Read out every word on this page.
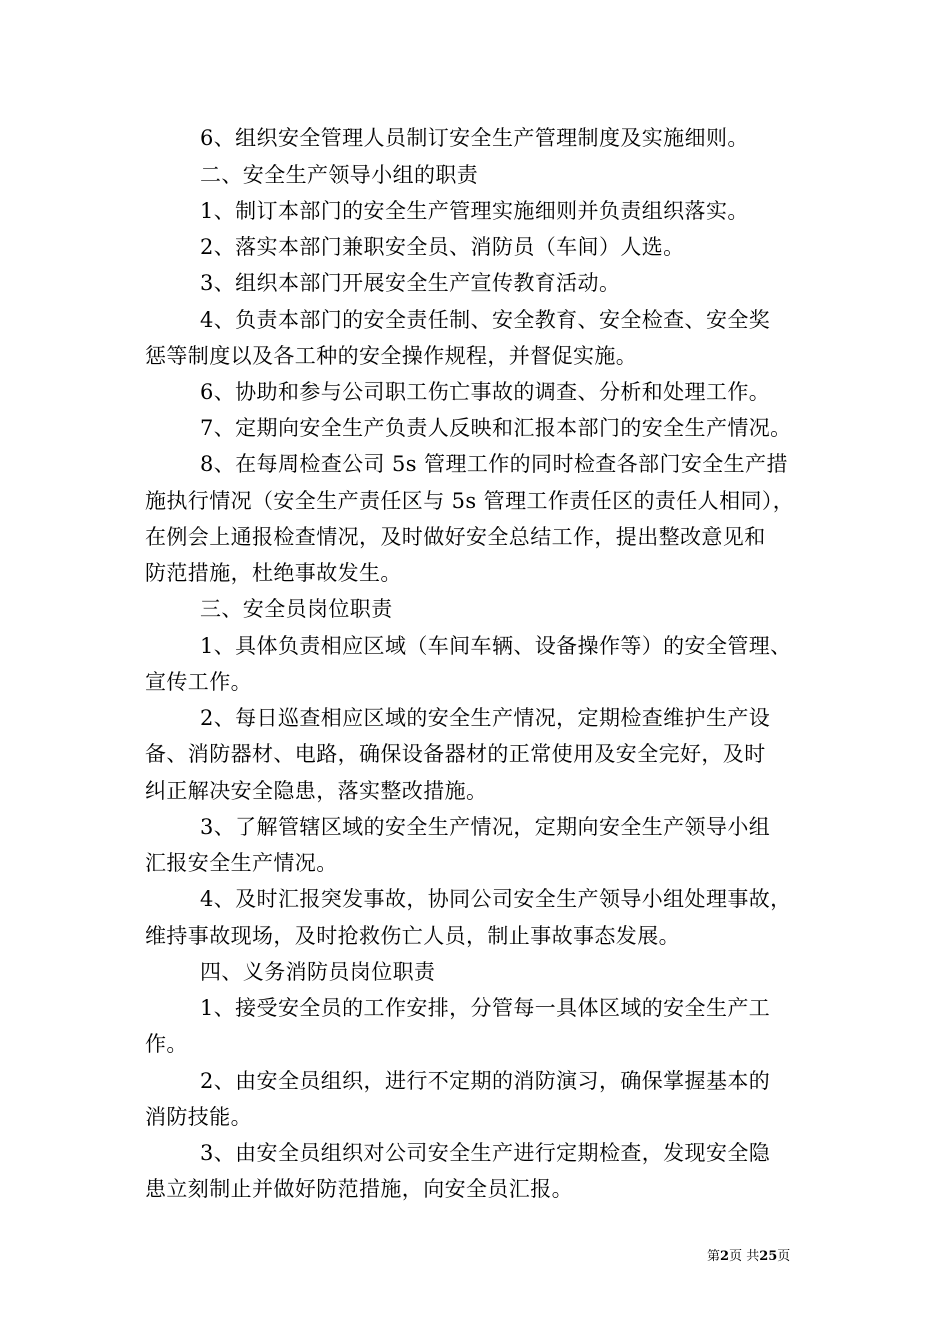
6、组织安全管理人员制订安全生产管理制度及实施细则。
二、安全生产领导小组的职责
1、制订本部门的安全生产管理实施细则并负责组织落实。
2、落实本部门兼职安全员、消防员（车间）人选。
3、组织本部门开展安全生产宣传教育活动。
4、负责本部门的安全责任制、安全教育、安全检查、安全奖
惩等制度以及各工种的安全操作规程，并督促实施。
6、协助和参与公司职工伤亡事故的调查、分析和处理工作。
7、定期向安全生产负责人反映和汇报本部门的安全生产情况。
8、在每周检查公司 5s 管理工作的同时检查各部门安全生产措
施执行情况（安全生产责任区与 5s 管理工作责任区的责任人相同），
在例会上通报检查情况，及时做好安全总结工作，提出整改意见和
防范措施，杜绝事故发生。
三、安全员岗位职责
1、具体负责相应区域（车间车辆、设备操作等）的安全管理、
宣传工作。
2、每日巡查相应区域的安全生产情况，定期检查维护生产设
备、消防器材、电路，确保设备器材的正常使用及安全完好，及时
纠正解决安全隐患，落实整改措施。
3、了解管辖区域的安全生产情况，定期向安全生产领导小组
汇报安全生产情况。
4、及时汇报突发事故，协同公司安全生产领导小组处理事故，
维持事故现场，及时抢救伤亡人员，制止事故事态发展。
四、义务消防员岗位职责
1、接受安全员的工作安排，分管每一具体区域的安全生产工
作。
2、由安全员组织，进行不定期的消防演习，确保掌握基本的
消防技能。
3、由安全员组织对公司安全生产进行定期检查，发现安全隐
患立刻制止并做好防范措施，向安全员汇报。
第2页 共25页
